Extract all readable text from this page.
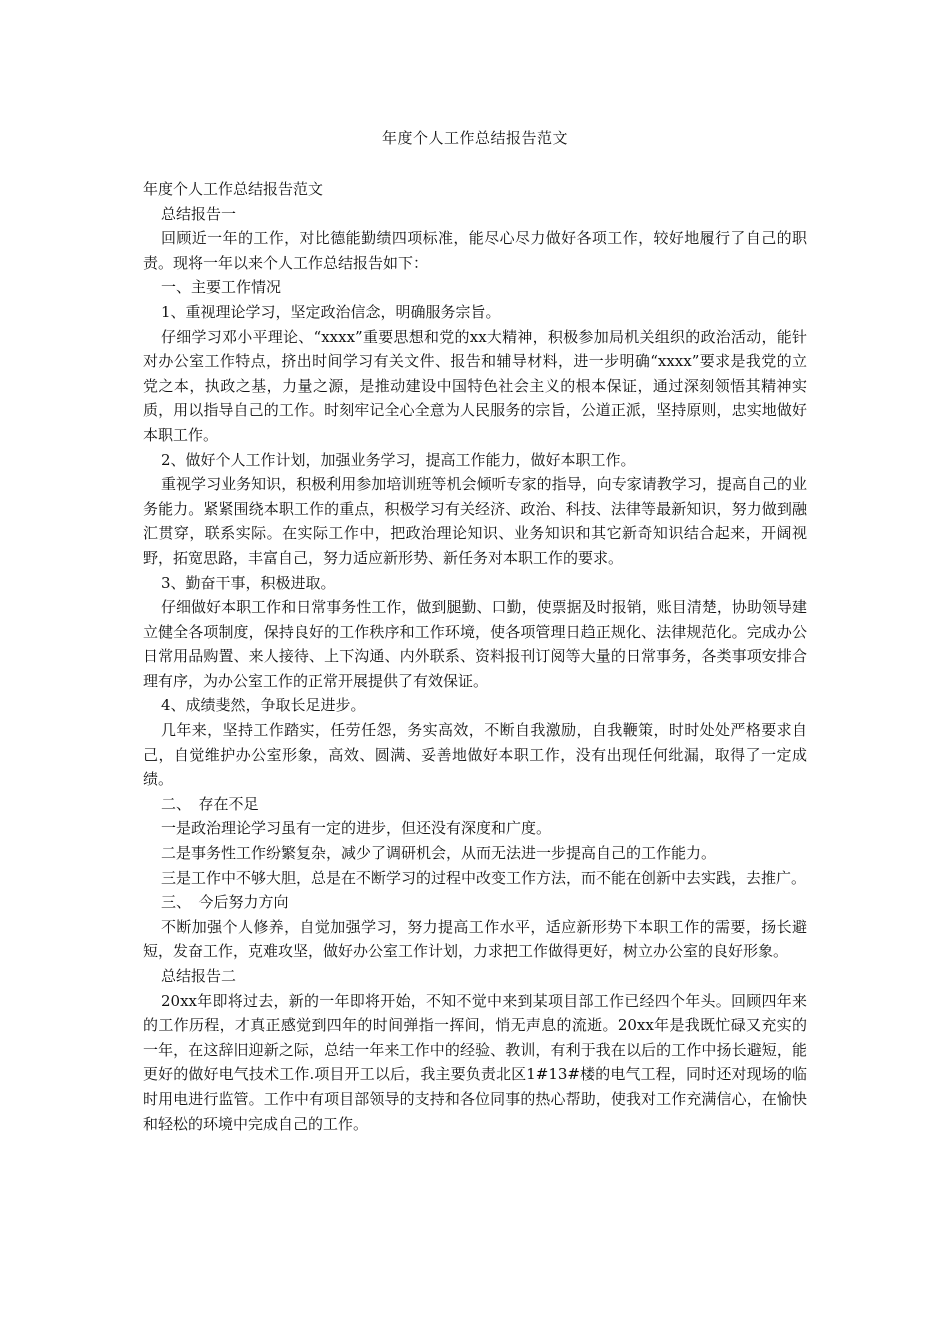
年度个人工作总结报告范文

年度个人工作总结报告范文

总结报告一

回顾近一年的工作，对比德能勤绩四项标准，能尽心尽力做好各项工作，较好地履行了自己的职责。现将一年以来个人工作总结报告如下：

一、主要工作情况

1、重视理论学习，坚定政治信念，明确服务宗旨。

仔细学习邓小平理论、“xxxx”重要思想和党的xx大精神，积极参加局机关组织的政治活动，能针对办公室工作特点，挤出时间学习有关文件、报告和辅导材料，进一步明确“xxxx”要求是我党的立党之本，执政之基，力量之源，是推动建设中国特色社会主义的根本保证，通过深刻领悟其精神实质，用以指导自己的工作。时刻牢记全心全意为人民服务的宗旨，公道正派，坚持原则，忠实地做好本职工作。

2、做好个人工作计划，加强业务学习，提高工作能力，做好本职工作。

重视学习业务知识，积极利用参加培训班等机会倾听专家的指导，向专家请教学习，提高自己的业务能力。紧紧围绕本职工作的重点，积极学习有关经济、政治、科技、法律等最新知识，努力做到融汇贯穿，联系实际。在实际工作中，把政治理论知识、业务知识和其它新奇知识结合起来，开阔视野，拓宽思路，丰富自己，努力适应新形势、新任务对本职工作的要求。

3、勤奋干事，积极进取。

仔细做好本职工作和日常事务性工作，做到腿勤、口勤，使票据及时报销，账目清楚，协助领导建立健全各项制度，保持良好的工作秩序和工作环境，使各项管理日趋正规化、法律规范化。完成办公日常用品购置、来人接待、上下沟通、内外联系、资料报刊订阅等大量的日常事务，各类事项安排合理有序，为办公室工作的正常开展提供了有效保证。

4、成绩斐然，争取长足进步。

几年来，坚持工作踏实，任劳任怨，务实高效，不断自我激励，自我鞭策，时时处处严格要求自己，自觉维护办公室形象，高效、圆满、妥善地做好本职工作，没有出现任何纰漏，取得了一定成绩。

二、　存在不足

一是政治理论学习虽有一定的进步，但还没有深度和广度。

二是事务性工作纷繁复杂，减少了调研机会，从而无法进一步提高自己的工作能力。

三是工作中不够大胆，总是在不断学习的过程中改变工作方法，而不能在创新中去实践，去推广。

三、　今后努力方向

不断加强个人修养，自觉加强学习，努力提高工作水平，适应新形势下本职工作的需要，扬长避短，发奋工作，克难攻坚，做好办公室工作计划，力求把工作做得更好，树立办公室的良好形象。

总结报告二

20xx年即将过去，新的一年即将开始，不知不觉中来到某项目部工作已经四个年头。回顾四年来的工作历程，才真正感觉到四年的时间弹指一挥间，悄无声息的流逝。20xx年是我既忙碌又充实的一年，在这辞旧迎新之际，总结一年来工作中的经验、教训，有利于我在以后的工作中扬长避短，能更好的做好电气技术工作.项目开工以后，我主要负责北区1#13#楼的电气工程，同时还对现场的临时用电进行监管。工作中有项目部领导的支持和各位同事的热心帮助，使我对工作充满信心，在愉快和轻松的环境中完成自己的工作。
